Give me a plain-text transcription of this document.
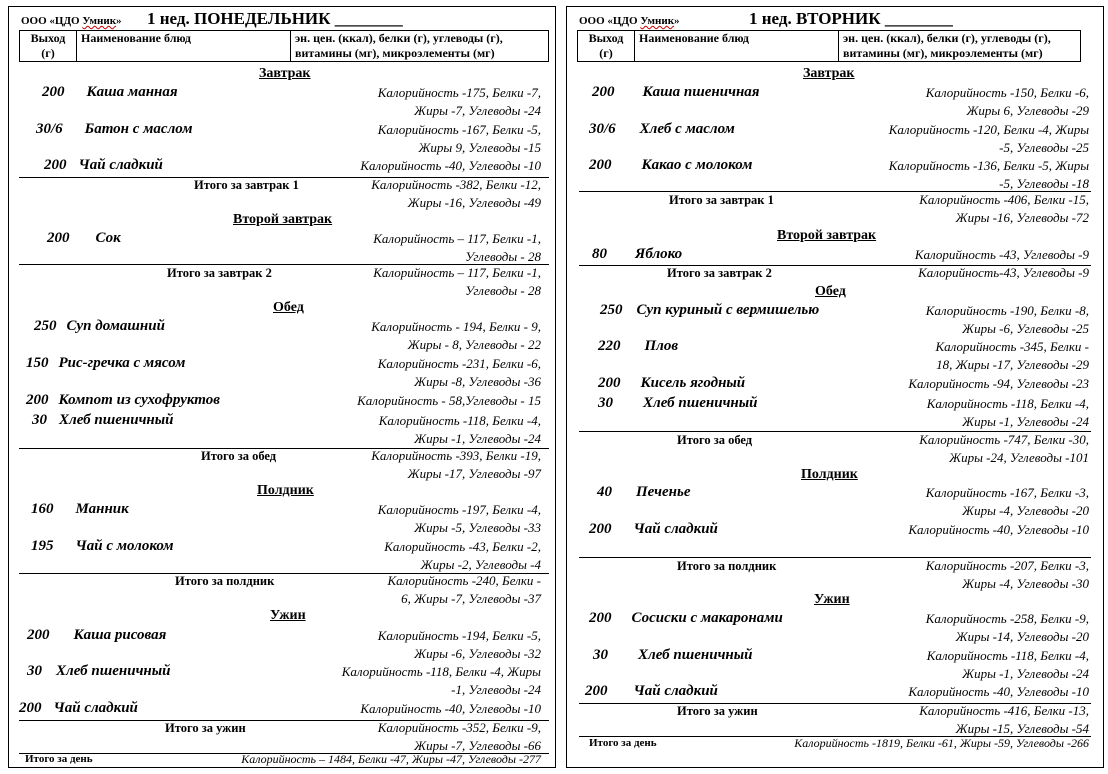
ООО «ЦДО Умник» 1 нед. ПОНЕДЕЛЬНИК ________
Выход
(г)	Наименование блюд	эн. цен. (ккал), белки (г), углеводы (г),
витамины (мг), микроэлементы (мг)
Завтрак
200 Каша манная	Калорийность -175, Белки -7,
Жиры -7, Углеводы -24
30/6 Батон с маслом	Калорийность -167, Белки -5,
Жиры 9, Углеводы -15
200 Чай сладкий	Калорийность -40, Углеводы -10
Итого за завтрак 1	Калорийность -382, Белки -12,
Жиры -16, Углеводы -49
Второй завтрак
200 Сок	Калорийность – 117, Белки -1,
Углеводы - 28
Итого за завтрак 2	Калорийность – 117, Белки -1,
Углеводы - 28
Обед
250 Суп домашний	Калорийность - 194, Белки - 9,
Жиры - 8, Углеводы - 22
150 Рис-гречка с мясом	Калорийность -231, Белки -6,
Жиры -8, Углеводы -36
200 Компот из сухофруктов	Калорийность - 58,Углеводы - 15
30 Хлеб пшеничный	Калорийность -118, Белки -4,
Жиры -1, Углеводы -24
Итого за обед	Калорийность -393, Белки -19,
Жиры -17, Углеводы -97
Полдник
160 Манник	Калорийность -197, Белки -4,
Жиры -5, Углеводы -33
195 Чай с молоком	Калорийность -43, Белки -2,
Жиры -2, Углеводы -4
Итого за полдник	Калорийность -240, Белки -
6, Жиры -7, Углеводы -37
Ужин
200 Каша рисовая	Калорийность -194, Белки -5,
Жиры -6, Углеводы -32
30 Хлеб пшеничный	Калорийность -118, Белки -4, Жиры
-1, Углеводы -24
200 Чай сладкий	Калорийность -40, Углеводы -10
Итого за ужин	Калорийность -352, Белки -9,
Жиры -7, Углеводы -66
Итого за день	Калорийность – 1484, Белки -47, Жиры -47, Углеводы -277
ООО «ЦДО Умник»	1 нед. ВТОРНИК ________
Выход
(г)	Наименование блюд	эн. цен. (ккал), белки (г), углеводы (г),
витамины (мг), микроэлементы (мг)
Завтрак
200 Каша пшеничная	Калорийность -150, Белки -6,
Жиры 6, Углеводы -29
30/6 Хлеб с маслом	Калорийность -120, Белки -4, Жиры
-5, Углеводы -25
200 Какао с молоком	Калорийность -136, Белки -5, Жиры
-5, Углеводы -18
Итого за завтрак 1	Калорийность -406, Белки -15,
Жиры -16, Углеводы -72
Второй завтрак
80 Яблоко	Калорийность -43, Углеводы -9
Итого за завтрак 2	Калорийность-43, Углеводы -9
Обед
250 Суп куриный с вермишелью	Калорийность -190, Белки -8,
Жиры -6, Углеводы -25
220 Плов	Калорийность -345, Белки -
18, Жиры -17, Углеводы -29
200 Кисель ягодный	Калорийность -94, Углеводы -23
30 Хлеб пшеничный	Калорийность -118, Белки -4,
Жиры -1, Углеводы -24
Итого за обед	Калорийность -747, Белки -30,
Жиры -24, Углеводы -101
Полдник
40 Печенье	Калорийность -167, Белки -3,
Жиры -4, Углеводы -20
200 Чай сладкий	Калорийность -40, Углеводы -10
Итого за полдник	Калорийность -207, Белки -3,
Жиры -4, Углеводы -30
Ужин
200 Сосиски с макаронами	Калорийность -258, Белки -9,
Жиры -14, Углеводы -20
30 Хлеб пшеничный	Калорийность -118, Белки -4,
Жиры -1, Углеводы -24
200 Чай сладкий	Калорийность -40, Углеводы -10
Итого за ужин	Калорийность -416, Белки -13,
Жиры -15, Углеводы -54
Итого за день	Калорийность -1819, Белки -61, Жиры -59, Углеводы -266
